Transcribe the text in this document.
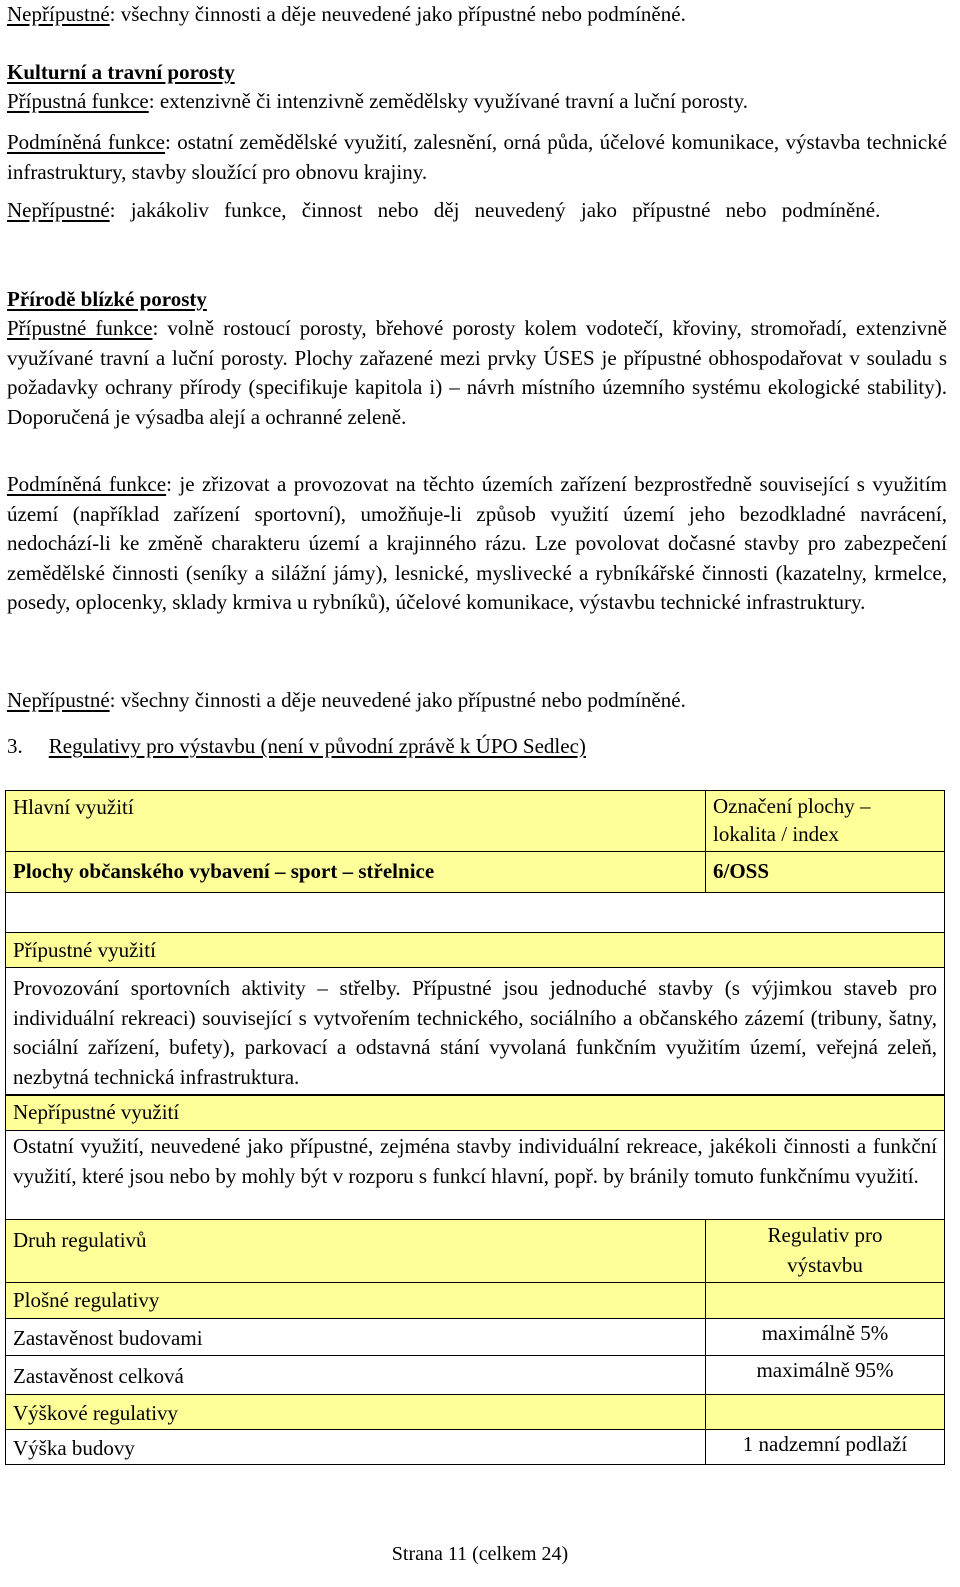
Nepřípustné: všechny činnosti a děje neuvedené jako přípustné nebo podmíněné.

Kulturní a travní porosty

Přípustná funkce: extenzivně či intenzivně zemědělsky využívané travní a luční porosty.

Podmíněná funkce: ostatní zemědělské využití, zalesnění, orná půda, účelové komunikace, výstavba technické infrastruktury, stavby sloužící pro obnovu krajiny.

Nepřípustné: jakákoliv funkce, činnost nebo děj neuvedený jako přípustné nebo podmíněné.

Přírodě blízké porosty

Přípustné funkce: volně rostoucí porosty, břehové porosty kolem vodotečí, křoviny, stromořadí, extenzivně využívané travní a luční porosty. Plochy zařazené mezi prvky ÚSES je přípustné obhospodařovat v souladu s požadavky ochrany přírody (specifikuje kapitola i) – návrh místního územního systému ekologické stability). Doporučená je výsadba alejí a ochranné zeleně.

Podmíněná funkce: je zřizovat a provozovat na těchto územích zařízení bezprostředně související s využitím území (například zařízení sportovní), umožňuje-li způsob využití území jeho bezodkladné navrácení, nedochází-li ke změně charakteru území a krajinného rázu. Lze povolovat dočasné stavby pro zabezpečení zemědělské činnosti (seníky a silážní jámy), lesnické, myslivecké a rybníkářské činnosti (kazatelny, krmelce, posedy, oplocenky, sklady krmiva u rybníků), účelové komunikace, výstavbu technické infrastruktury.

Nepřípustné: všechny činnosti a děje neuvedené jako přípustné nebo podmíněné.

3. Regulativy pro výstavbu (není v původní zprávě k ÚPO Sedlec)

Hlavní využití	Označení plochy – lokalita / index
Plochy občanského vybavení – sport – střelnice	6/OSS
Přípustné využití
Provozování sportovních aktivity – střelby. Přípustné jsou jednoduché stavby (s výjimkou staveb pro individuální rekreaci) související s vytvořením technického, sociálního a občanského zázemí (tribuny, šatny, sociální zařízení, bufety), parkovací a odstavná stání vyvolaná funkčním využitím území, veřejná zeleň, nezbytná technická infrastruktura.
Nepřípustné využití
Ostatní využití, neuvedené jako přípustné, zejména stavby individuální rekreace, jakékoli činnosti a funkční využití, které jsou nebo by mohly být v rozporu s funkcí hlavní, popř. by bránily tomuto funkčnímu využití.
Druh regulativů	Regulativ pro výstavbu
Plošné regulativy
Zastavěnost budovami	maximálně 5%
Zastavěnost celková	maximálně 95%
Výškové regulativy
Výška budovy	1 nadzemní podlaží
Strana 11 (celkem 24)
